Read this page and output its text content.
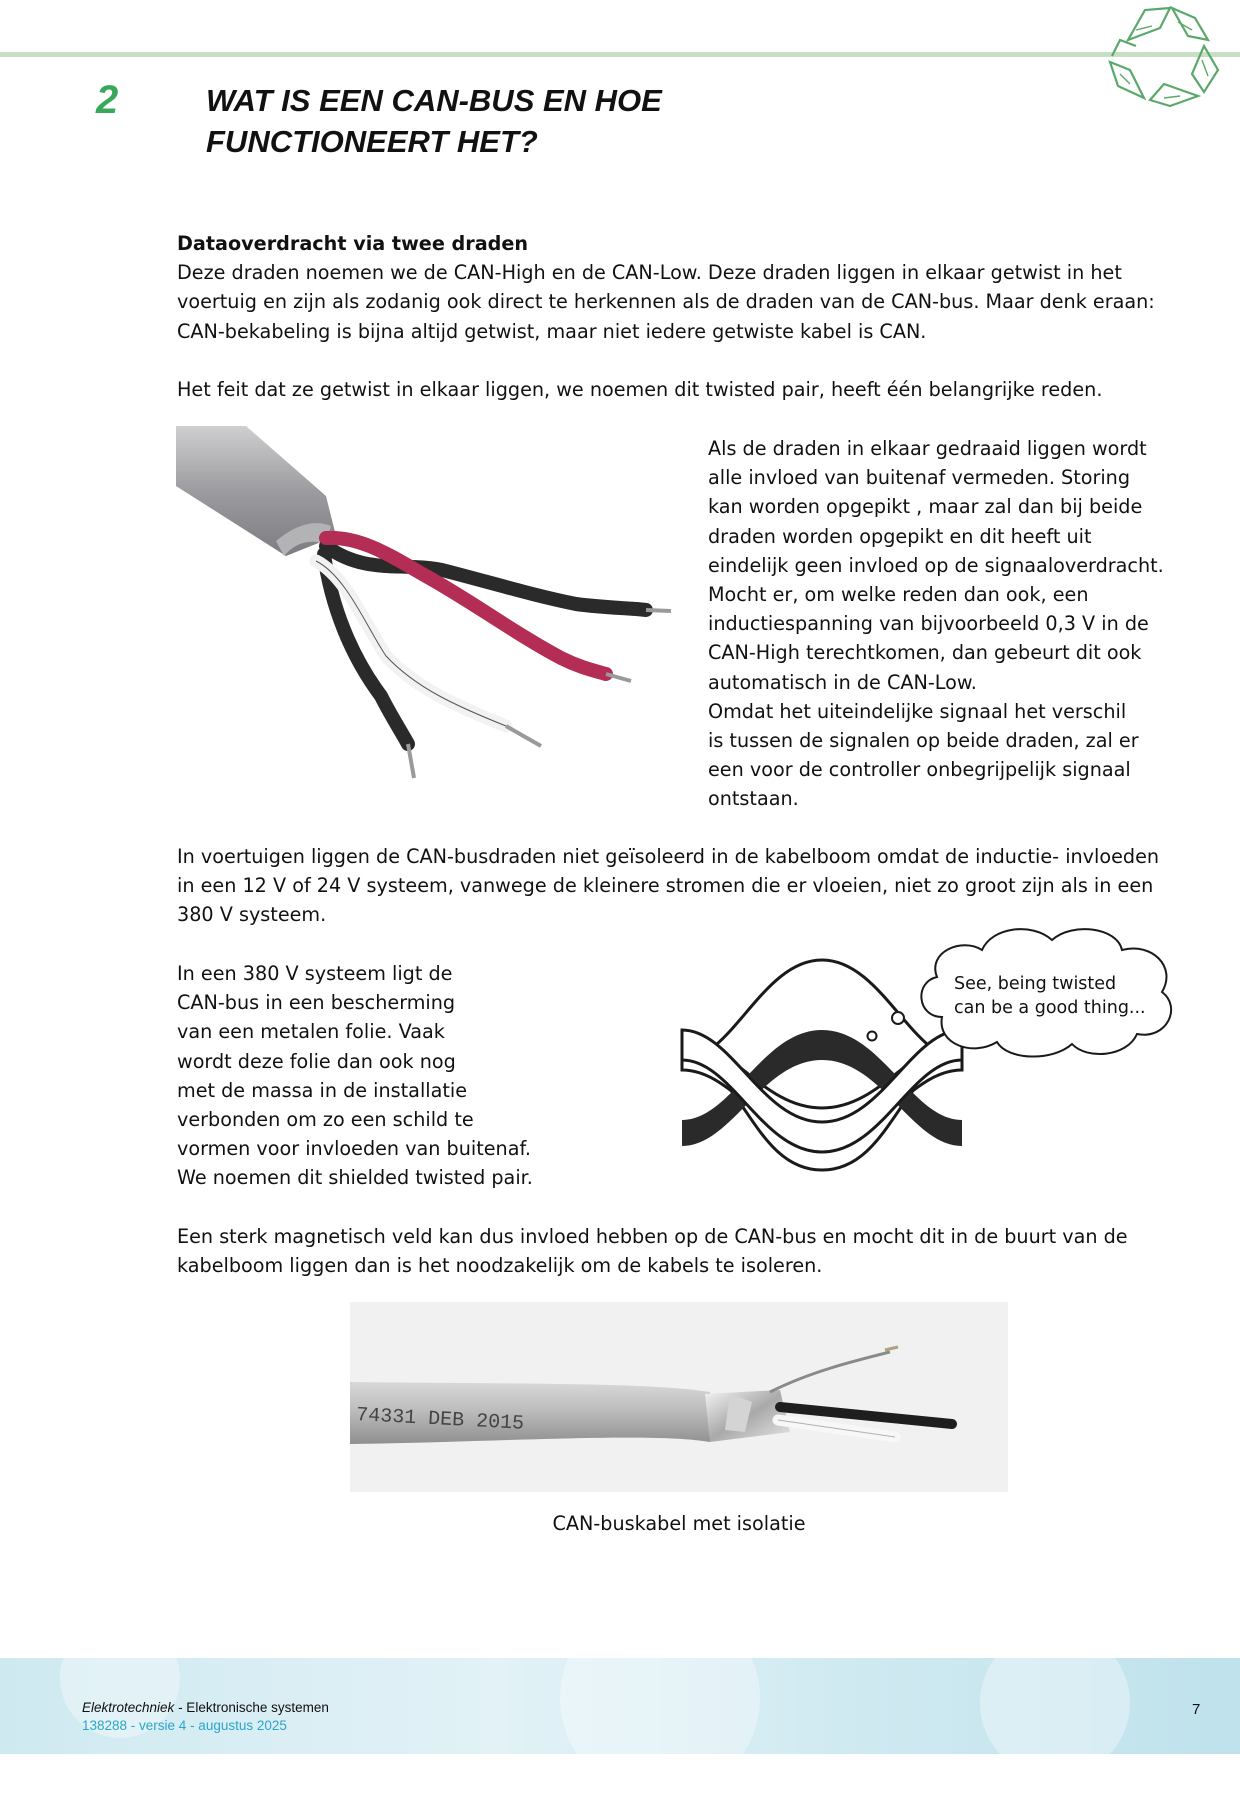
2	WAT IS EEN CAN-BUS EN HOE
FUNCTIONEERT HET?
Dataoverdracht via twee draden
Deze draden noemen we de CAN-High en de CAN-Low. Deze draden liggen in elkaar getwist in het
voertuig en zijn als zodanig ook direct te herkennen als de draden van de CAN-bus. Maar denk eraan:
CAN-bekabeling is bijna altijd getwist, maar niet iedere getwiste kabel is CAN.
Het feit dat ze getwist in elkaar liggen, we noemen dit twisted pair, heeft één belangrijke reden.
Als de draden in elkaar gedraaid liggen wordt
alle invloed van buitenaf vermeden. Storing
kan worden opgepikt , maar zal dan bij beide
draden worden opgepikt en dit heeft uit
eindelijk geen invloed op de signaaloverdracht.
Mocht er, om welke reden dan ook, een
inductiespanning van bijvoorbeeld 0,3 V in de
CAN-High terechtkomen, dan gebeurt dit ook
automatisch in de CAN-Low.
Omdat het uiteindelijke signaal het verschil
is tussen de signalen op beide draden, zal er
een voor de controller onbegrijpelijk signaal
ontstaan.
In voertuigen liggen de CAN-busdraden niet geïsoleerd in de kabelboom omdat de inductie- invloeden
in een 12 V of 24 V systeem, vanwege de kleinere stromen die er vloeien, niet zo groot zijn als in een
380 V systeem.
In een 380 V systeem ligt de
CAN-bus in een bescherming
van een metalen folie. Vaak
wordt deze folie dan ook nog
met de massa in de installatie
verbonden om zo een schild te
vormen voor invloeden van buitenaf.
We noemen dit shielded twisted pair.
See, being twisted
can be a good thing...
Een sterk magnetisch veld kan dus invloed hebben op de CAN-bus en mocht dit in de buurt van de
kabelboom liggen dan is het noodzakelijk om de kabels te isoleren.
74331 DEB 2015
CAN-buskabel met isolatie
Elektrotechniek - Elektronische systemen
138288 - versie 4 - augustus 2025
7
